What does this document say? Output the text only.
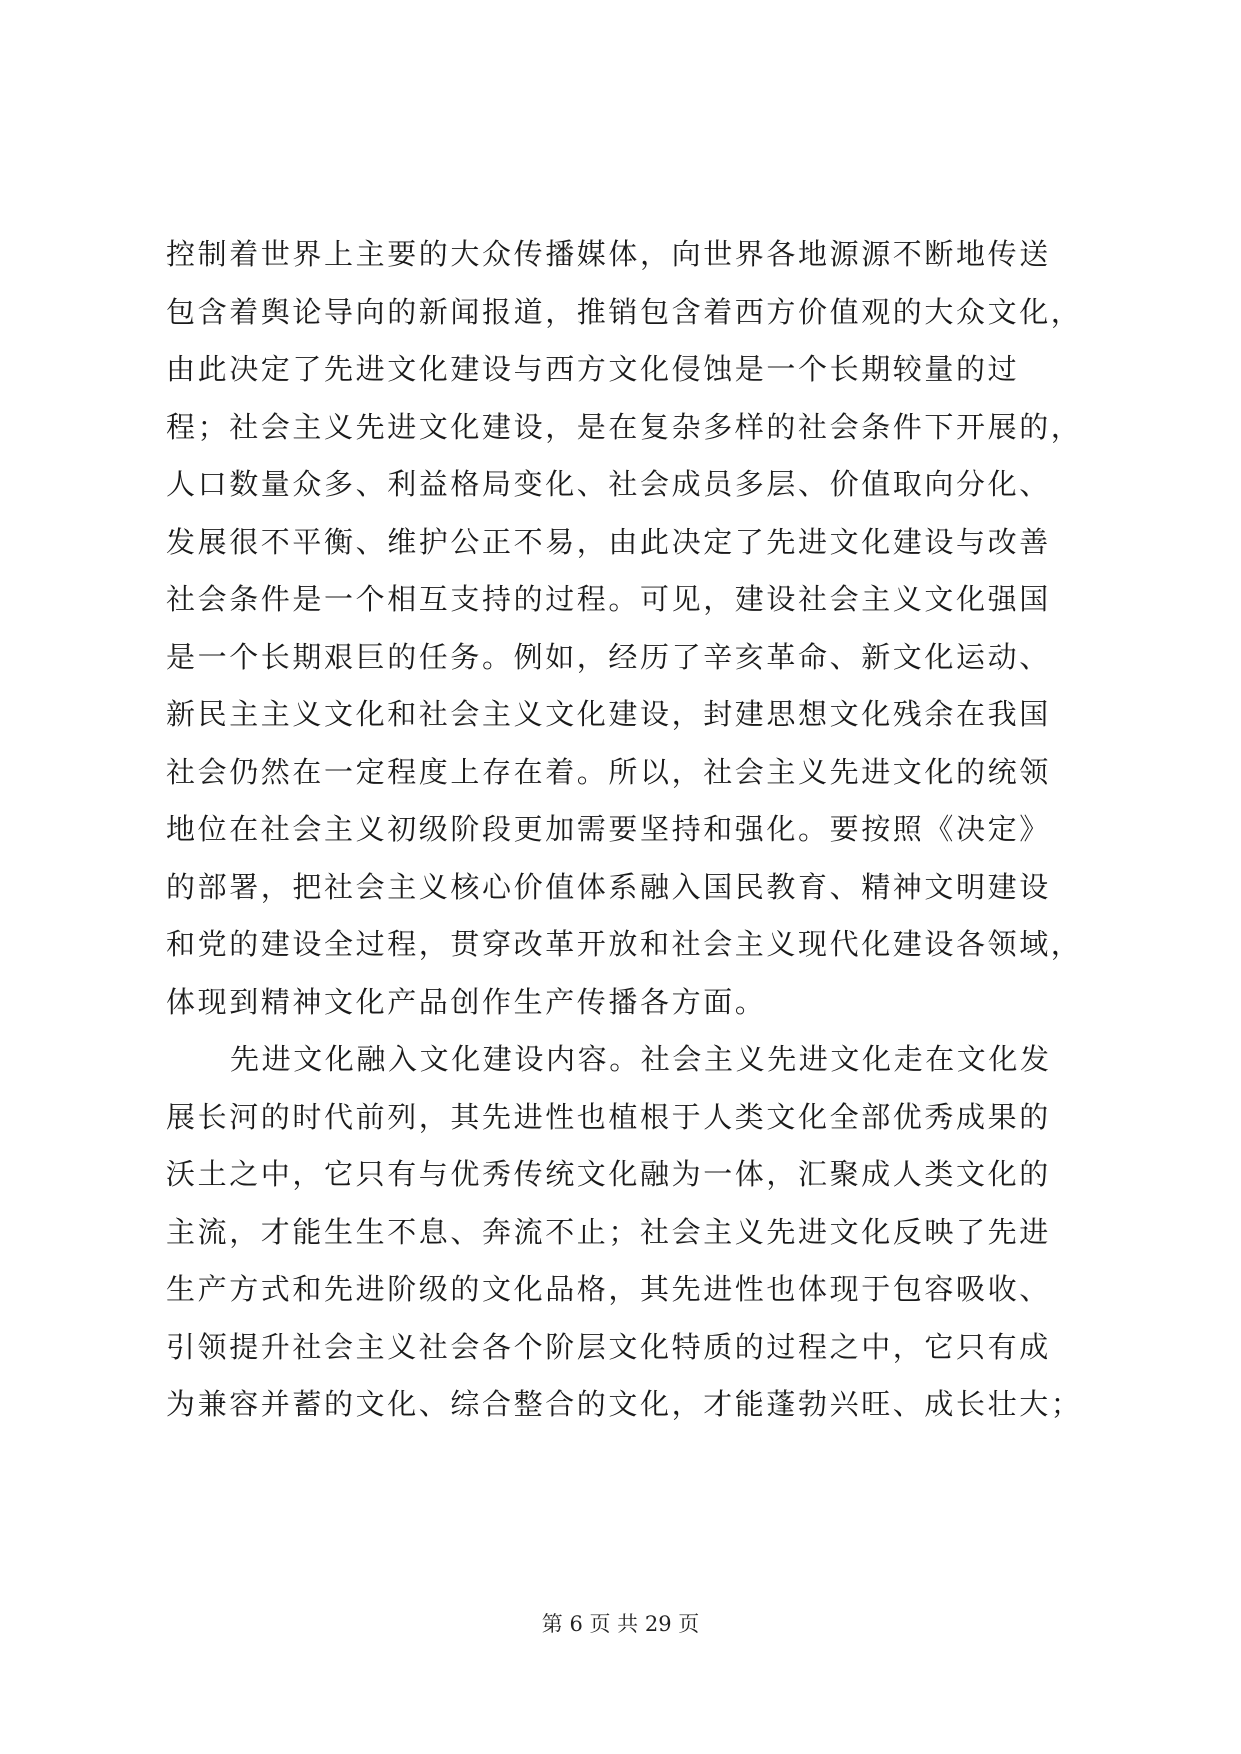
控制着世界上主要的大众传播媒体，向世界各地源源不断地传送
包含着舆论导向的新闻报道，推销包含着西方价值观的大众文化，
由此决定了先进文化建设与西方文化侵蚀是一个长期较量的过
程；社会主义先进文化建设，是在复杂多样的社会条件下开展的，
人口数量众多、利益格局变化、社会成员多层、价值取向分化、
发展很不平衡、维护公正不易，由此决定了先进文化建设与改善
社会条件是一个相互支持的过程。可见，建设社会主义文化强国
是一个长期艰巨的任务。例如，经历了辛亥革命、新文化运动、
新民主主义文化和社会主义文化建设，封建思想文化残余在我国
社会仍然在一定程度上存在着。所以，社会主义先进文化的统领
地位在社会主义初级阶段更加需要坚持和强化。要按照《决定》
的部署，把社会主义核心价值体系融入国民教育、精神文明建设
和党的建设全过程，贯穿改革开放和社会主义现代化建设各领域，
体现到精神文化产品创作生产传播各方面。
先进文化融入文化建设内容。社会主义先进文化走在文化发
展长河的时代前列，其先进性也植根于人类文化全部优秀成果的
沃土之中，它只有与优秀传统文化融为一体，汇聚成人类文化的
主流，才能生生不息、奔流不止；社会主义先进文化反映了先进
生产方式和先进阶级的文化品格，其先进性也体现于包容吸收、
引领提升社会主义社会各个阶层文化特质的过程之中，它只有成
为兼容并蓄的文化、综合整合的文化，才能蓬勃兴旺、成长壮大；
第 6 页 共 29 页
